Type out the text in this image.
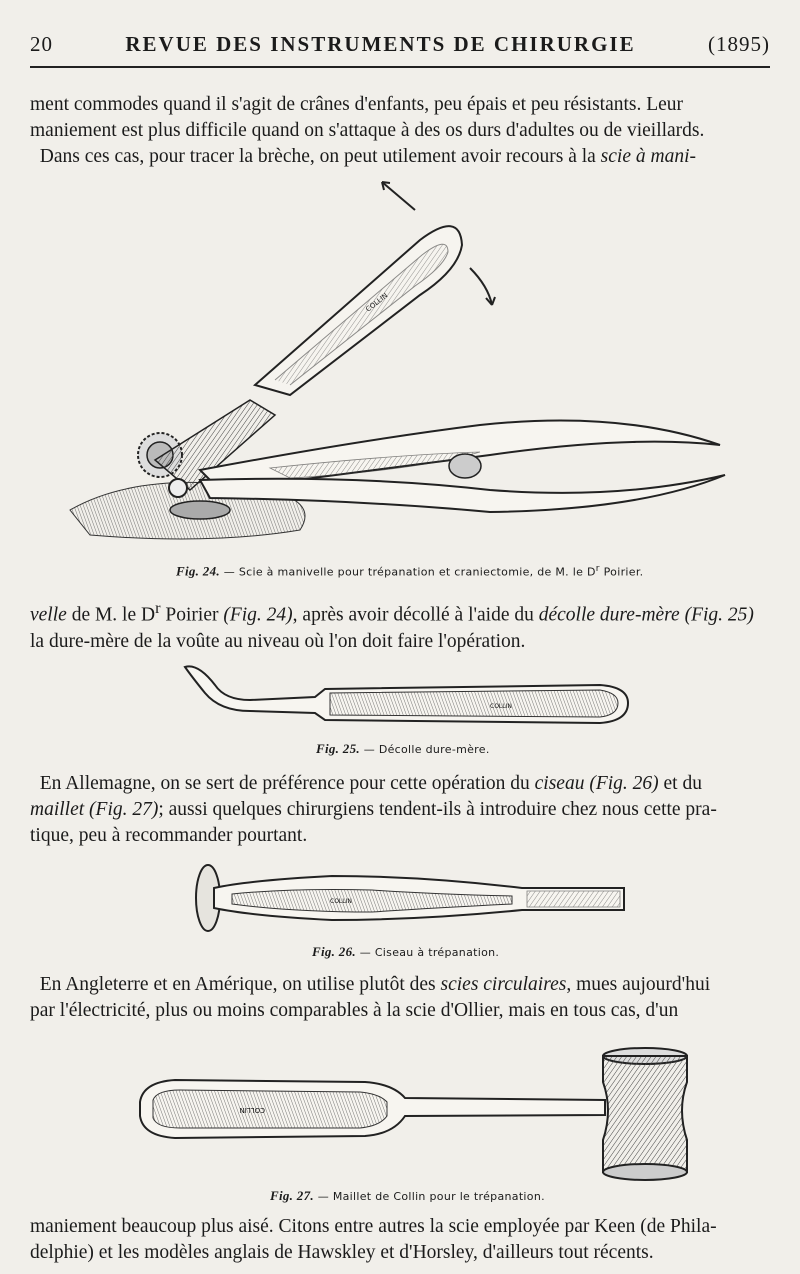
20	REVUE DES INSTRUMENTS DE CHIRURGIE	(1895)
ment commodes quand il s'agit de crânes d'enfants, peu épais et peu résistants. Leur
maniement est plus difficile quand on s'attaque à des os durs d'adultes ou de vieillards.
Dans ces cas, pour tracer la brèche, on peut utilement avoir recours à la scie à mani-
COLLIN
Fig. 24. — Scie à manivelle pour trépanation et craniectomie, de M. le $D^r$ Poirier.
velle de M. le $D^r$ Poirier (Fig. 24), après avoir décollé à l'aide du décolle dure-mère (Fig. 25)
la dure-mère de la voûte au niveau où l'on doit faire l'opération.
COLLIN
Fig. 25. — Décolle dure-mère.
En Allemagne, on se sert de préférence pour cette opération du ciseau (Fig. 26) et du
maillet (Fig. 27); aussi quelques chirurgiens tendent-ils à introduire chez nous cette pra-
tique, peu à recommander pourtant.
COLLIN
Fig. 26. — Ciseau à trépanation.
En Angleterre et en Amérique, on utilise plutôt des scies circulaires, mues aujourd'hui
par l'électricité, plus ou moins comparables à la scie d'Ollier, mais en tous cas, d'un
COLLIN
Fig. 27. — Maillet de Collin pour le trépanation.
maniement beaucoup plus aisé. Citons entre autres la scie employée par Keen (de Phila-
delphie) et les modèles anglais de Hawskley et d'Horsley, d'ailleurs tout récents.
